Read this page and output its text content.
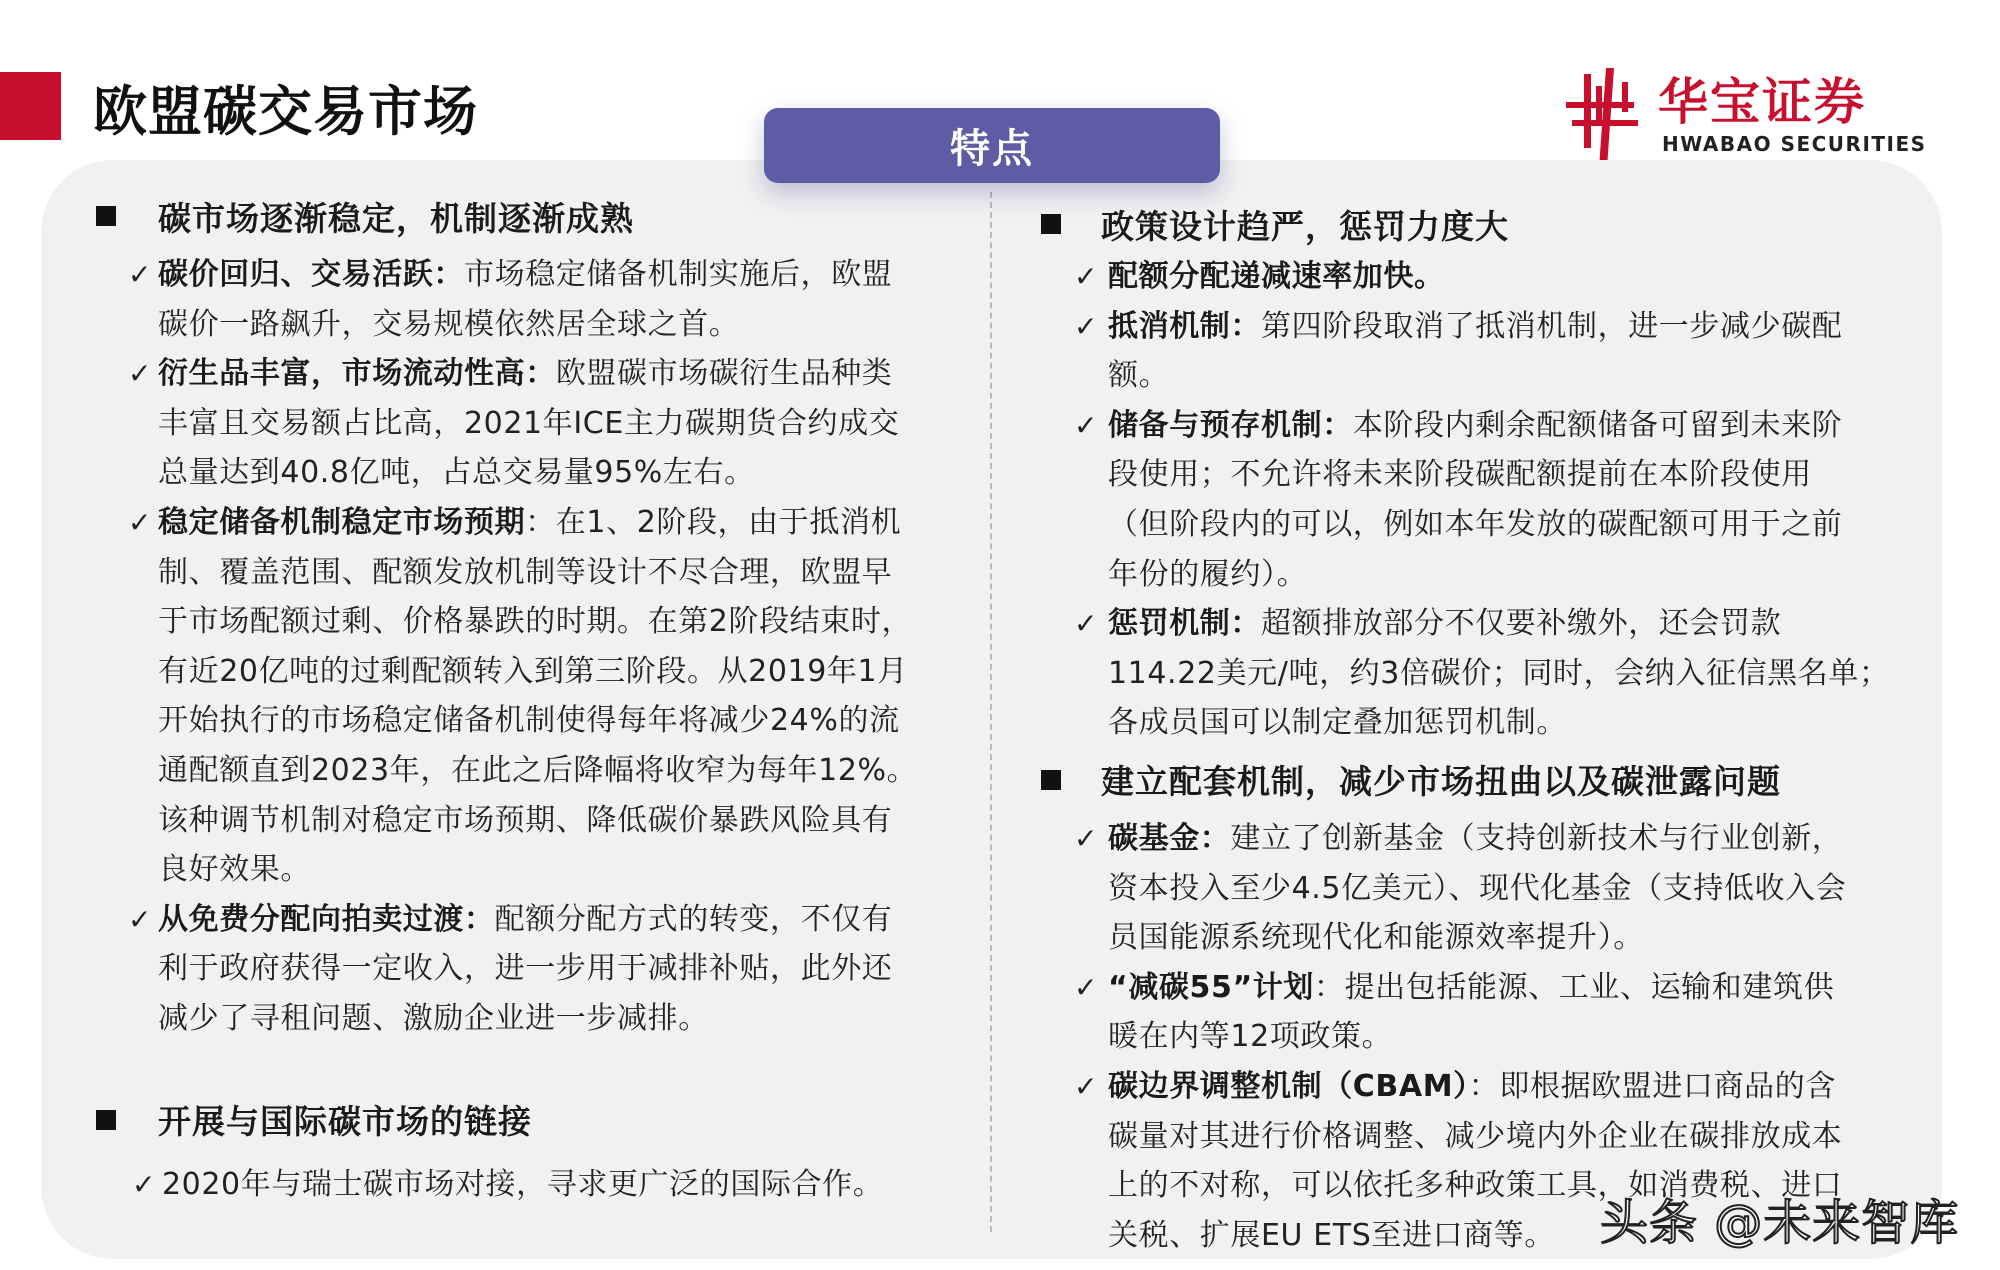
欧盟碳交易市场	华宝证券
HWABAO SECURITIES
特点
碳市场逐渐稳定，机制逐渐成熟
✓ 碳价回归、交易活跃：市场稳定储备机制实施后，欧盟
碳价一路飙升，交易规模依然居全球之首。
✓ 衍生品丰富，市场流动性高：欧盟碳市场碳衍生品种类
丰富且交易额占比高，2021年ICE主力碳期货合约成交
总量达到40.8亿吨，占总交易量95%左右。
✓ 稳定储备机制稳定市场预期：在1、2阶段，由于抵消机
制、覆盖范围、配额发放机制等设计不尽合理，欧盟早
于市场配额过剩、价格暴跌的时期。在第2阶段结束时，
有近20亿吨的过剩配额转入到第三阶段。从2019年1月
开始执行的市场稳定储备机制使得每年将减少24%的流
通配额直到2023年，在此之后降幅将收窄为每年12%。
该种调节机制对稳定市场预期、降低碳价暴跌风险具有
良好效果。
✓ 从免费分配向拍卖过渡：配额分配方式的转变，不仅有
利于政府获得一定收入，进一步用于减排补贴，此外还
减少了寻租问题、激励企业进一步减排。
开展与国际碳市场的链接
✓ 2020年与瑞士碳市场对接，寻求更广泛的国际合作。
政策设计趋严，惩罚力度大
✓ 配额分配递减速率加快。
✓ 抵消机制：第四阶段取消了抵消机制，进一步减少碳配
额。
✓ 储备与预存机制：本阶段内剩余配额储备可留到未来阶
段使用；不允许将未来阶段碳配额提前在本阶段使用
（但阶段内的可以，例如本年发放的碳配额可用于之前
年份的履约）。
✓ 惩罚机制：超额排放部分不仅要补缴外，还会罚款
114.22美元/吨，约3倍碳价；同时，会纳入征信黑名单；
各成员国可以制定叠加惩罚机制。
建立配套机制，减少市场扭曲以及碳泄露问题
✓ 碳基金：建立了创新基金（支持创新技术与行业创新，
资本投入至少4.5亿美元）、现代化基金（支持低收入会
员国能源系统现代化和能源效率提升）。
✓ “减碳55”计划：提出包括能源、工业、运输和建筑供
暖在内等12项政策。
✓ 碳边界调整机制（CBAM）：即根据欧盟进口商品的含
碳量对其进行价格调整、减少境内外企业在碳排放成本
上的不对称，可以依托多种政策工具，如消费税、进口
关税、扩展EU ETS至进口商等。 头条 @未来智库
